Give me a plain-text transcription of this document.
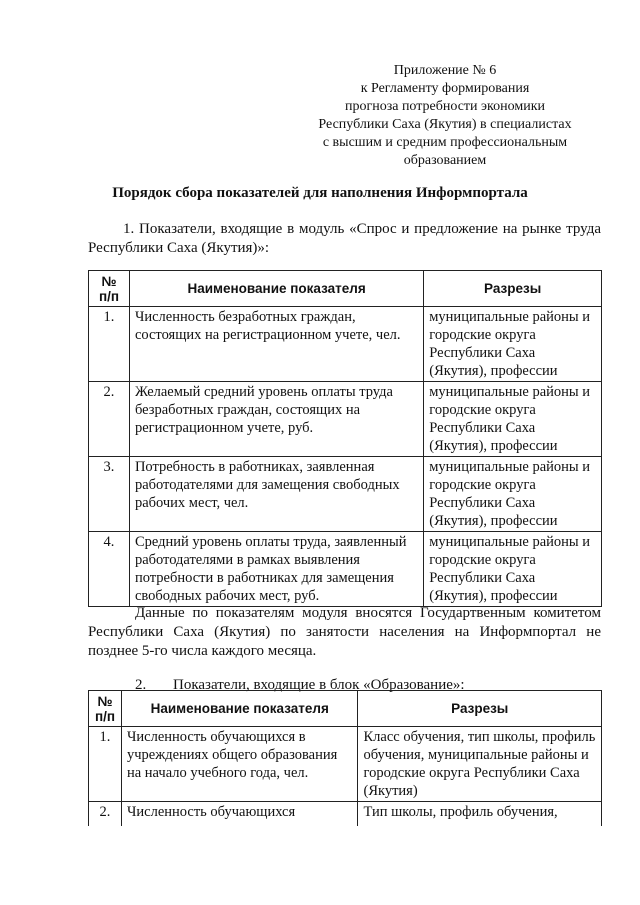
Приложение № 6
к Регламенту формирования
прогноза потребности экономики
Республики Саха (Якутия) в специалистах
с высшим и средним профессиональным
образованием
Порядок сбора показателей для наполнения Информпортала
1. Показатели, входящие в модуль «Спрос и предложение на рынке труда Республики Саха (Якутия)»:
№ п/п	Наименование показателя	Разрезы
1.	Численность безработных граждан, состоящих на регистрационном учете, чел.	муниципальные районы и городские округа Республики Саха (Якутия), профессии
2.	Желаемый средний уровень оплаты труда безработных граждан, состоящих на регистрационном учете, руб.	муниципальные районы и городские округа Республики Саха (Якутия), профессии
3.	Потребность в работниках, заявленная работодателями для замещения свободных рабочих мест, чел.	муниципальные районы и городские округа Республики Саха (Якутия), профессии
4.	Средний уровень оплаты труда, заявленный работодателями в рамках выявления потребности в работниках для замещения свободных рабочих мест, руб.	муниципальные районы и городские округа Республики Саха (Якутия), профессии
Данные по показателям модуля вносятся Государтвенным комитетом Республики Саха (Якутия) по занятости населения на Информпортал не позднее 5-го числа каждого месяца.
2. Показатели, входящие в блок «Образование»:
№ п/п	Наименование показателя	Разрезы
1.	Численность обучающихся в учреждениях общего образования на начало учебного года, чел.	Класс обучения, тип школы, профиль обучения, муниципальные районы и городские округа Республики Саха (Якутия)
2.	Численность обучающихся	Тип школы, профиль обучения,
